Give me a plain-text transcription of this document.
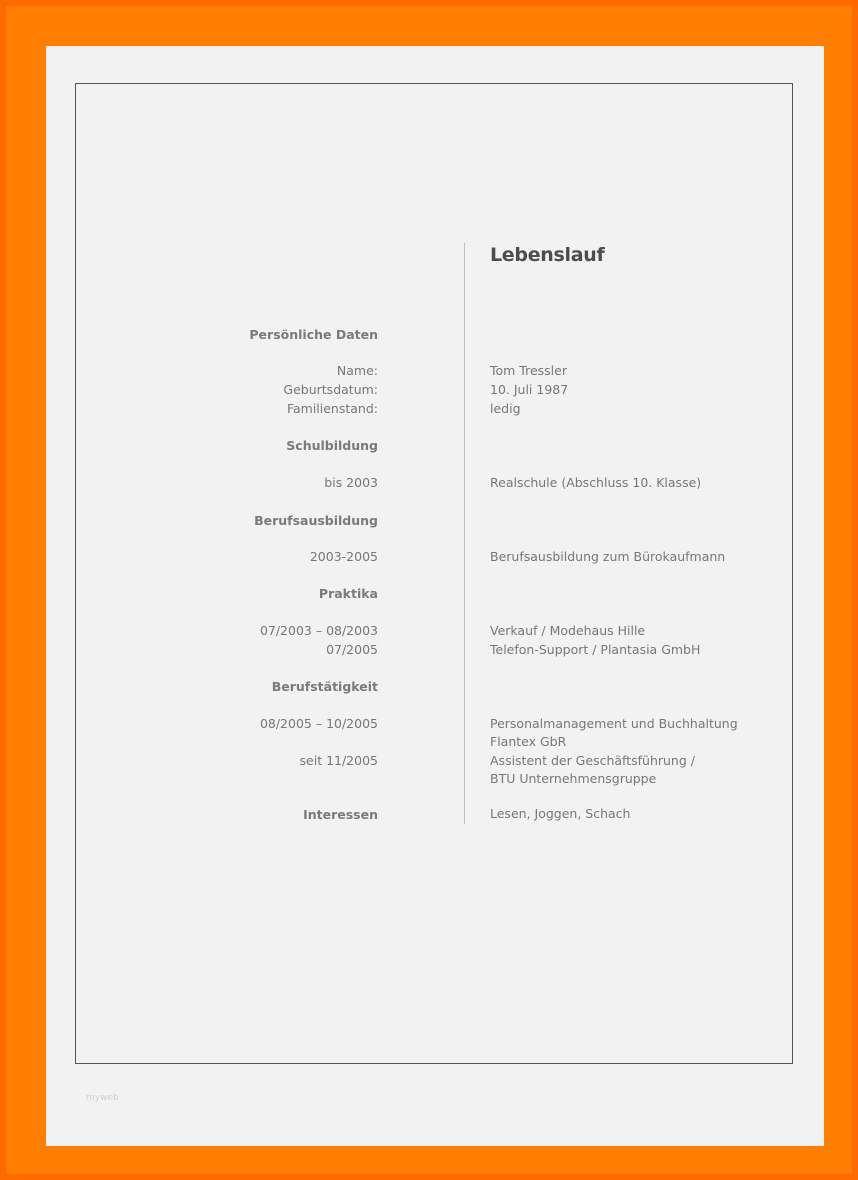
Lebenslauf
Persönliche Daten
Name:	Tom Tressler
Geburtsdatum:	10. Juli 1987
Familienstand:	ledig
Schulbildung
bis 2003	Realschule (Abschluss 10. Klasse)
Berufsausbildung
2003-2005	Berufsausbildung zum Bürokaufmann
Praktika
07/2003 – 08/2003	Verkauf / Modehaus Hille
07/2005	Telefon-Support / Plantasia GmbH
Berufstätigkeit
08/2005 – 10/2005	Personalmanagement und Buchhaltung
Flantex GbR
seit 11/2005	Assistent der Geschäftsführung /
BTU Unternehmensgruppe
Interessen	Lesen, Joggen, Schach
myweb
